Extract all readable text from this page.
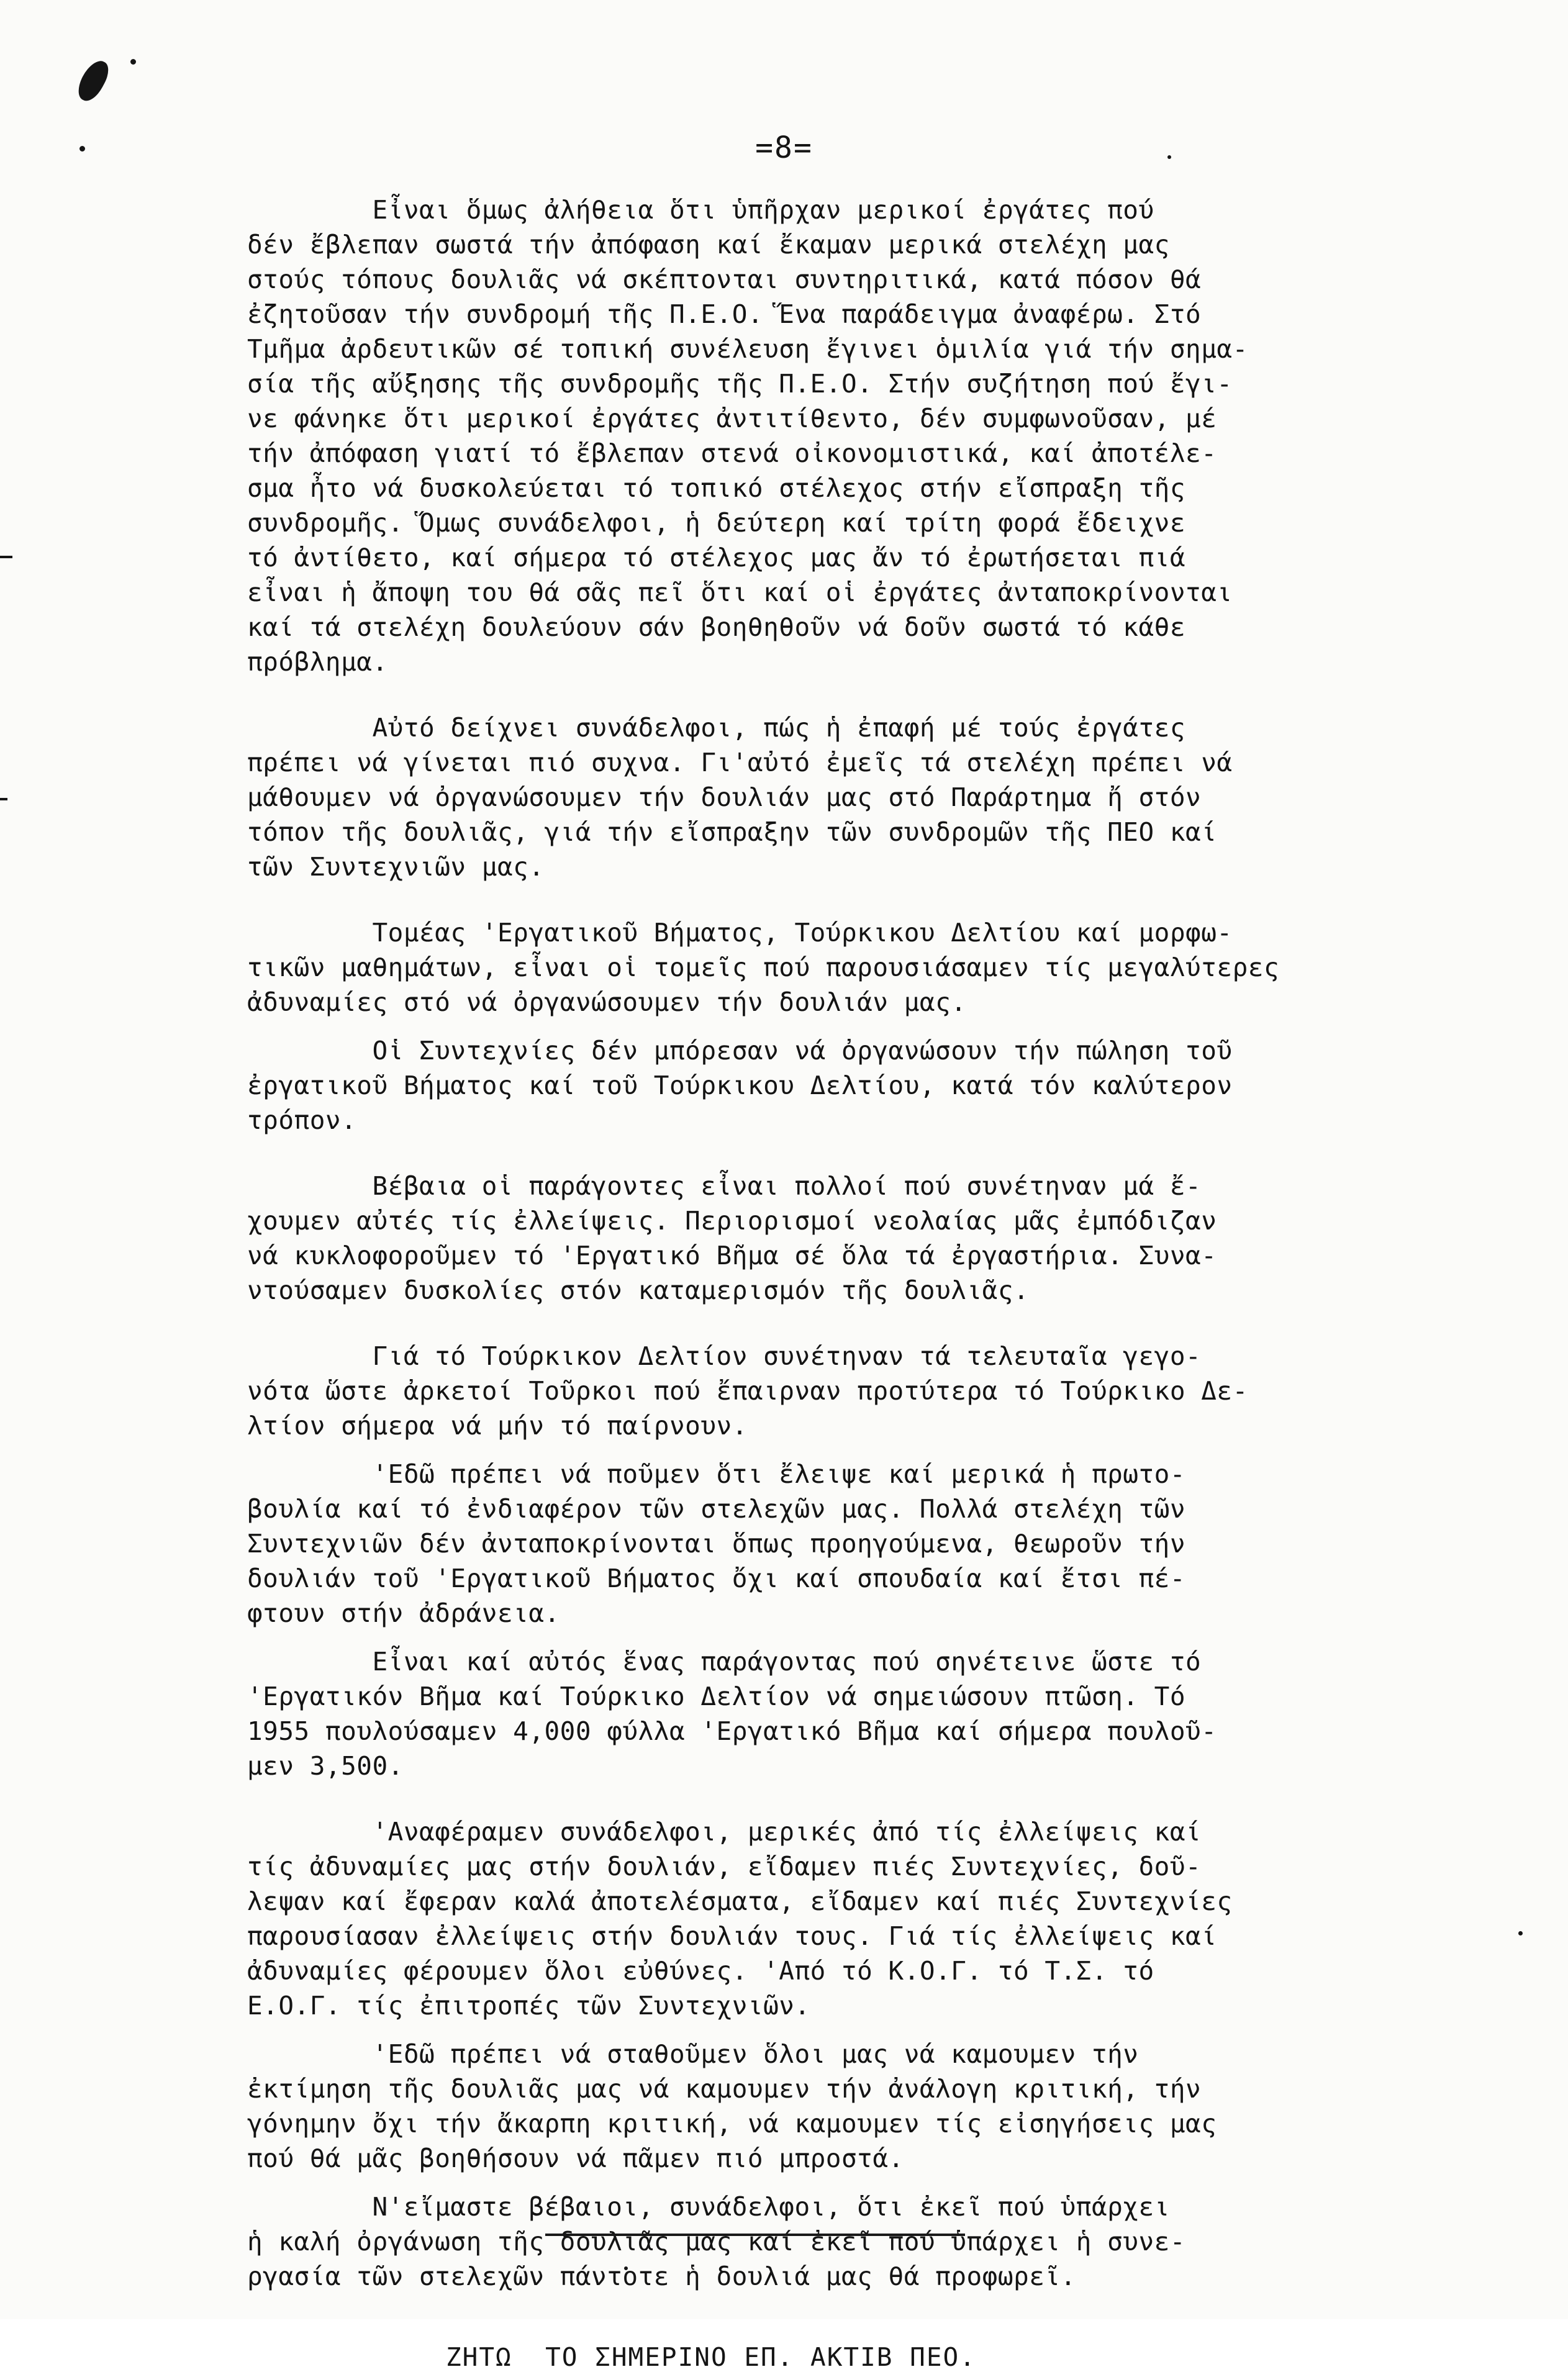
=8=

Εἶναι ὅμως ἀλήθεια ὅτι ὑπῆρχαν μερικοί ἐργάτες πού
δέν ἔβλεπαν σωστά τήν ἀπόφαση καί ἔκαμαν μερικά στελέχη μας
στούς τόπους δουλιᾶς νά σκέπτονται συντηριτικά, κατά πόσον θά
ἐζητοῦσαν τήν συνδρομή τῆς Π.Ε.Ο. Ἕνα παράδειγμα ἀναφέρω. Στό
Τμῆμα ἀρδευτικῶν σέ τοπική συνέλευση ἔγινει ὁμιλία γιά τήν σημα-
σία τῆς αὔξησης τῆς συνδρομῆς τῆς Π.Ε.Ο. Στήν συζήτηση πού ἔγι-
νε φάνηκε ὅτι μερικοί ἐργάτες ἀντιτίθεντο, δέν συμφωνοῦσαν, μέ
τήν ἀπόφαση γιατί τό ἔβλεπαν στενά οἰκονομιστικά, καί ἀποτέλε-
σμα ἦτο νά δυσκολεύεται τό τοπικό στέλεχος στήν εἴσπραξη τῆς
συνδρομῆς. Ὅμως συνάδελφοι, ἡ δεύτερη καί τρίτη φορά ἔδειχνε
τό ἀντίθετο, καί σήμερα τό στέλεχος μας ἄν τό ἐρωτήσεται πιά
εἶναι ἡ ἄποψη του θά σᾶς πεῖ ὅτι καί οἱ ἐργάτες ἀνταποκρίνονται
καί τά στελέχη δουλεύουν σάν βοηθηθοῦν νά δοῦν σωστά τό κάθε
πρόβλημα.

Αὐτό δείχνει συνάδελφοι, πώς ἡ ἐπαφή μέ τούς ἐργάτες
πρέπει νά γίνεται πιό συχνα. Γι'αὐτό ἐμεῖς τά στελέχη πρέπει νά
μάθουμεν νά ὀργανώσουμεν τήν δουλιάν μας στό Παράρτημα ἤ στόν
τόπον τῆς δουλιᾶς, γιά τήν εἴσπραξην τῶν συνδρομῶν τῆς ΠΕΟ καί
τῶν Συντεχνιῶν μας.

Τομέας 'Εργατικοῦ Βήματος, Τούρκικου Δελτίου καί μορφω-
τικῶν μαθημάτων, εἶναι οἱ τομεῖς πού παρουσιάσαμεν τίς μεγαλύτερες
ἀδυναμίες στό νά ὀργανώσουμεν τήν δουλιάν μας.

Οἱ Συντεχνίες δέν μπόρεσαν νά ὀργανώσουν τήν πώληση τοῦ
ἐργατικοῦ Βήματος καί τοῦ Τούρκικου Δελτίου, κατά τόν καλύτερον
τρόπον.

Βέβαια οἱ παράγοντες εἶναι πολλοί πού συνέτηναν μά ἔ-
χουμεν αὐτές τίς ἐλλείψεις. Περιορισμοί νεολαίας μᾶς ἐμπόδιζαν
νά κυκλοφοροῦμεν τό 'Εργατικό Βῆμα σέ ὅλα τά ἐργαστήρια. Συνα-
ντούσαμεν δυσκολίες στόν καταμερισμόν τῆς δουλιᾶς.

Γιά τό Τούρκικον Δελτίον συνέτηναν τά τελευταῖα γεγο-
νότα ὥστε ἀρκετοί Τοῦρκοι πού ἔπαιρναν προτύτερα τό Τούρκικο Δε-
λτίον σήμερα νά μήν τό παίρνουν.

'Εδῶ πρέπει νά ποῦμεν ὅτι ἔλειψε καί μερικά ἡ πρωτο-
βουλία καί τό ἐνδιαφέρον τῶν στελεχῶν μας. Πολλά στελέχη τῶν
Συντεχνιῶν δέν ἀνταποκρίνονται ὅπως προηγούμενα, θεωροῦν τήν
δουλιάν τοῦ 'Εργατικοῦ Βήματος ὄχι καί σπουδαία καί ἔτσι πέ-
φτουν στήν ἀδράνεια.

Εἶναι καί αὐτός ἕνας παράγοντας πού σηνέτεινε ὥστε τό
'Εργατικόν Βῆμα καί Τούρκικο Δελτίον νά σημειώσουν πτῶση. Τό
1955 πουλούσαμεν 4,000 φύλλα 'Εργατικό Βῆμα καί σήμερα πουλοῦ-
μεν 3,500.

'Αναφέραμεν συνάδελφοι, μερικές ἀπό τίς ἐλλείψεις καί
τίς ἀδυναμίες μας στήν δουλιάν, εἴδαμεν πιές Συντεχνίες, δοῦ-
λεψαν καί ἔφεραν καλά ἀποτελέσματα, εἴδαμεν καί πιές Συντεχνίες
παρουσίασαν ἐλλείψεις στήν δουλιάν τους. Γιά τίς ἐλλείψεις καί
ἀδυναμίες φέρουμεν ὅλοι εὐθύνες. 'Από τό Κ.Ο.Γ. τό Τ.Σ. τό
Ε.Ο.Γ. τίς ἐπιτροπές τῶν Συντεχνιῶν.

'Εδῶ πρέπει νά σταθοῦμεν ὅλοι μας νά καμουμεν τήν
ἐκτίμηση τῆς δουλιᾶς μας νά καμουμεν τήν ἀνάλογη κριτική, τήν
γόνημην ὄχι τήν ἄκαρπη κριτική, νά καμουμεν τίς εἰσηγήσεις μας
πού θά μᾶς βοηθήσουν νά πᾶμεν πιό μπροστά.

Ν'εἴμαστε βέβαιοι, συνάδελφοι, ὅτι ἐκεῖ πού ὑπάρχει
ἡ καλή ὀργάνωση τῆς δουλιᾶς μας καί ἐκεῖ πού ὑπάρχει ἡ συνε-
ργασία τῶν στελεχῶν πάντοτε ἡ δουλιά μας θά προφωρεῖ.

ΖΗΤΩ  ΤΟ ΣΗΜΕΡΙΝΟ ΕΠ. ΑΚΤΙΒ ΠΕΟ.
